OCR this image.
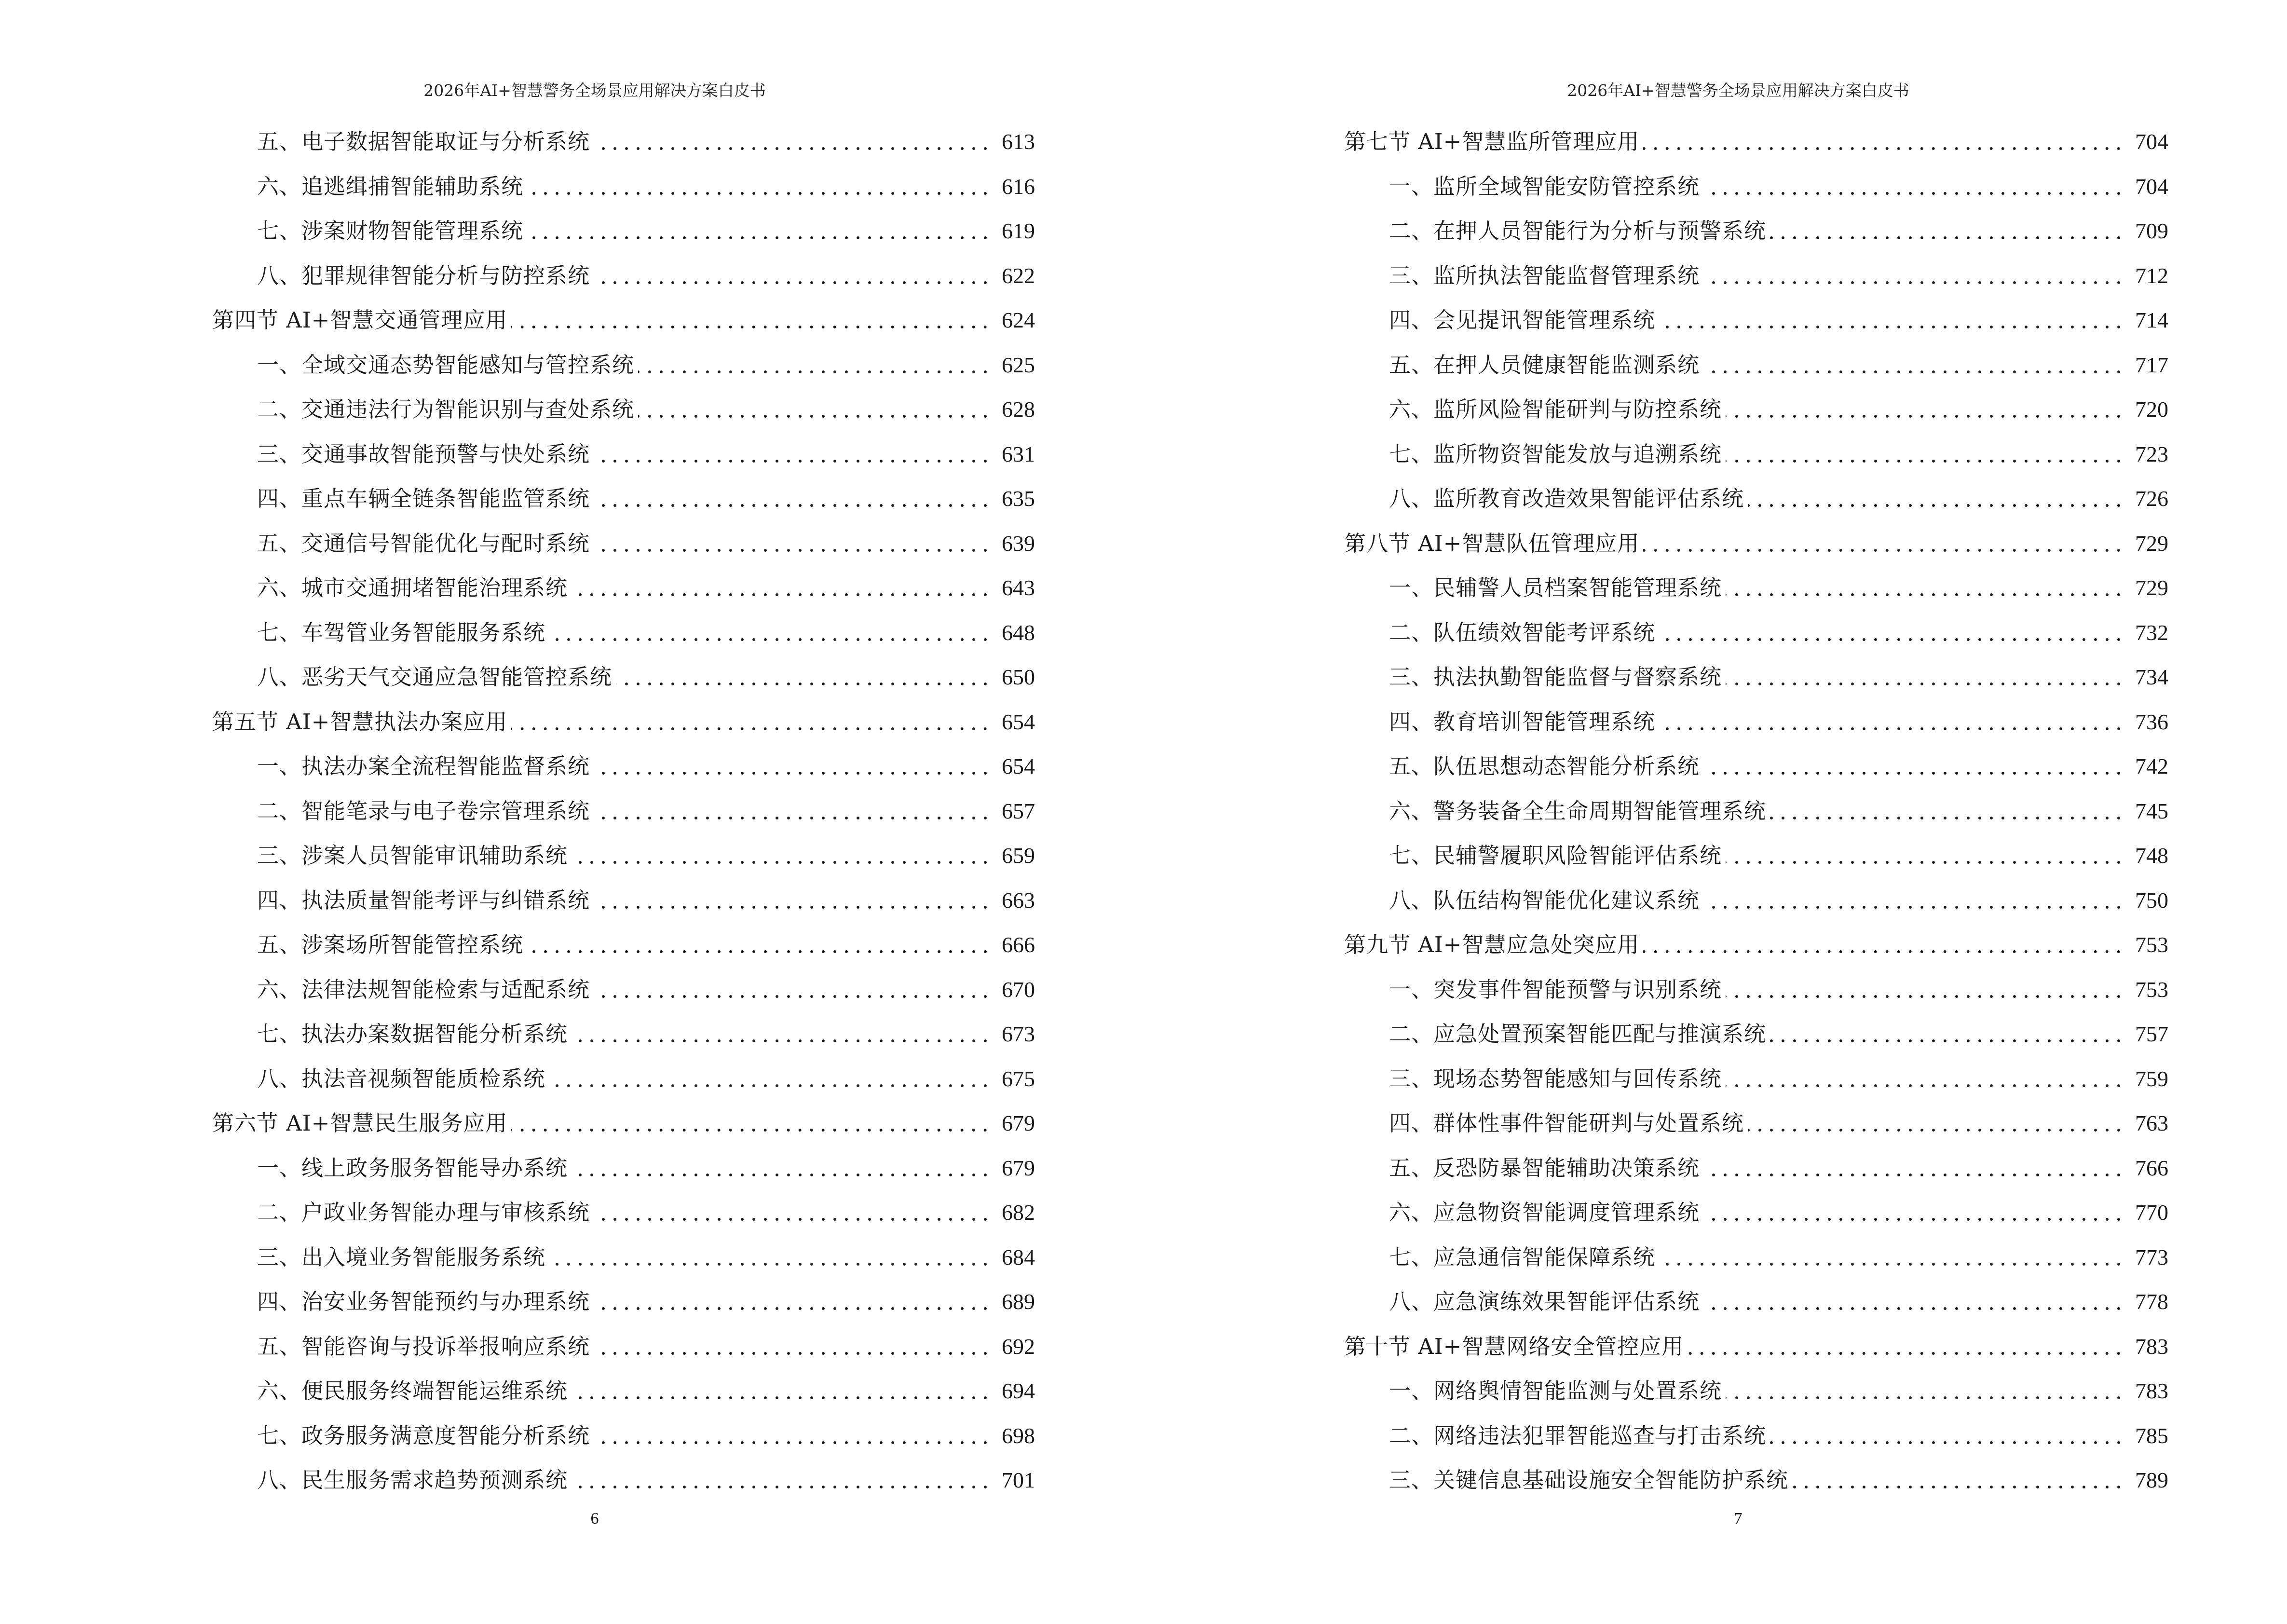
2026年AI+智慧警务全场景应用解决方案白皮书
五、电子数据智能取证与分析系统	613
六、追逃缉捕智能辅助系统	616
七、涉案财物智能管理系统	619
八、犯罪规律智能分析与防控系统	622
第四节 AI+智慧交通管理应用	624
一、全域交通态势智能感知与管控系统	625
二、交通违法行为智能识别与查处系统	628
三、交通事故智能预警与快处系统	631
四、重点车辆全链条智能监管系统	635
五、交通信号智能优化与配时系统	639
六、城市交通拥堵智能治理系统	643
七、车驾管业务智能服务系统	648
八、恶劣天气交通应急智能管控系统	650
第五节 AI+智慧执法办案应用	654
一、执法办案全流程智能监督系统	654
二、智能笔录与电子卷宗管理系统	657
三、涉案人员智能审讯辅助系统	659
四、执法质量智能考评与纠错系统	663
五、涉案场所智能管控系统	666
六、法律法规智能检索与适配系统	670
七、执法办案数据智能分析系统	673
八、执法音视频智能质检系统	675
第六节 AI+智慧民生服务应用	679
一、线上政务服务智能导办系统	679
二、户政业务智能办理与审核系统	682
三、出入境业务智能服务系统	684
四、治安业务智能预约与办理系统	689
五、智能咨询与投诉举报响应系统	692
六、便民服务终端智能运维系统	694
七、政务服务满意度智能分析系统	698
八、民生服务需求趋势预测系统	701
6
2026年AI+智慧警务全场景应用解决方案白皮书
第七节 AI+智慧监所管理应用	704
一、监所全域智能安防管控系统	704
二、在押人员智能行为分析与预警系统	709
三、监所执法智能监督管理系统	712
四、会见提讯智能管理系统	714
五、在押人员健康智能监测系统	717
六、监所风险智能研判与防控系统	720
七、监所物资智能发放与追溯系统	723
八、监所教育改造效果智能评估系统	726
第八节 AI+智慧队伍管理应用	729
一、民辅警人员档案智能管理系统	729
二、队伍绩效智能考评系统	732
三、执法执勤智能监督与督察系统	734
四、教育培训智能管理系统	736
五、队伍思想动态智能分析系统	742
六、警务装备全生命周期智能管理系统	745
七、民辅警履职风险智能评估系统	748
八、队伍结构智能优化建议系统	750
第九节 AI+智慧应急处突应用	753
一、突发事件智能预警与识别系统	753
二、应急处置预案智能匹配与推演系统	757
三、现场态势智能感知与回传系统	759
四、群体性事件智能研判与处置系统	763
五、反恐防暴智能辅助决策系统	766
六、应急物资智能调度管理系统	770
七、应急通信智能保障系统	773
八、应急演练效果智能评估系统	778
第十节 AI+智慧网络安全管控应用	783
一、网络舆情智能监测与处置系统	783
二、网络违法犯罪智能巡查与打击系统	785
三、关键信息基础设施安全智能防护系统	789
7
